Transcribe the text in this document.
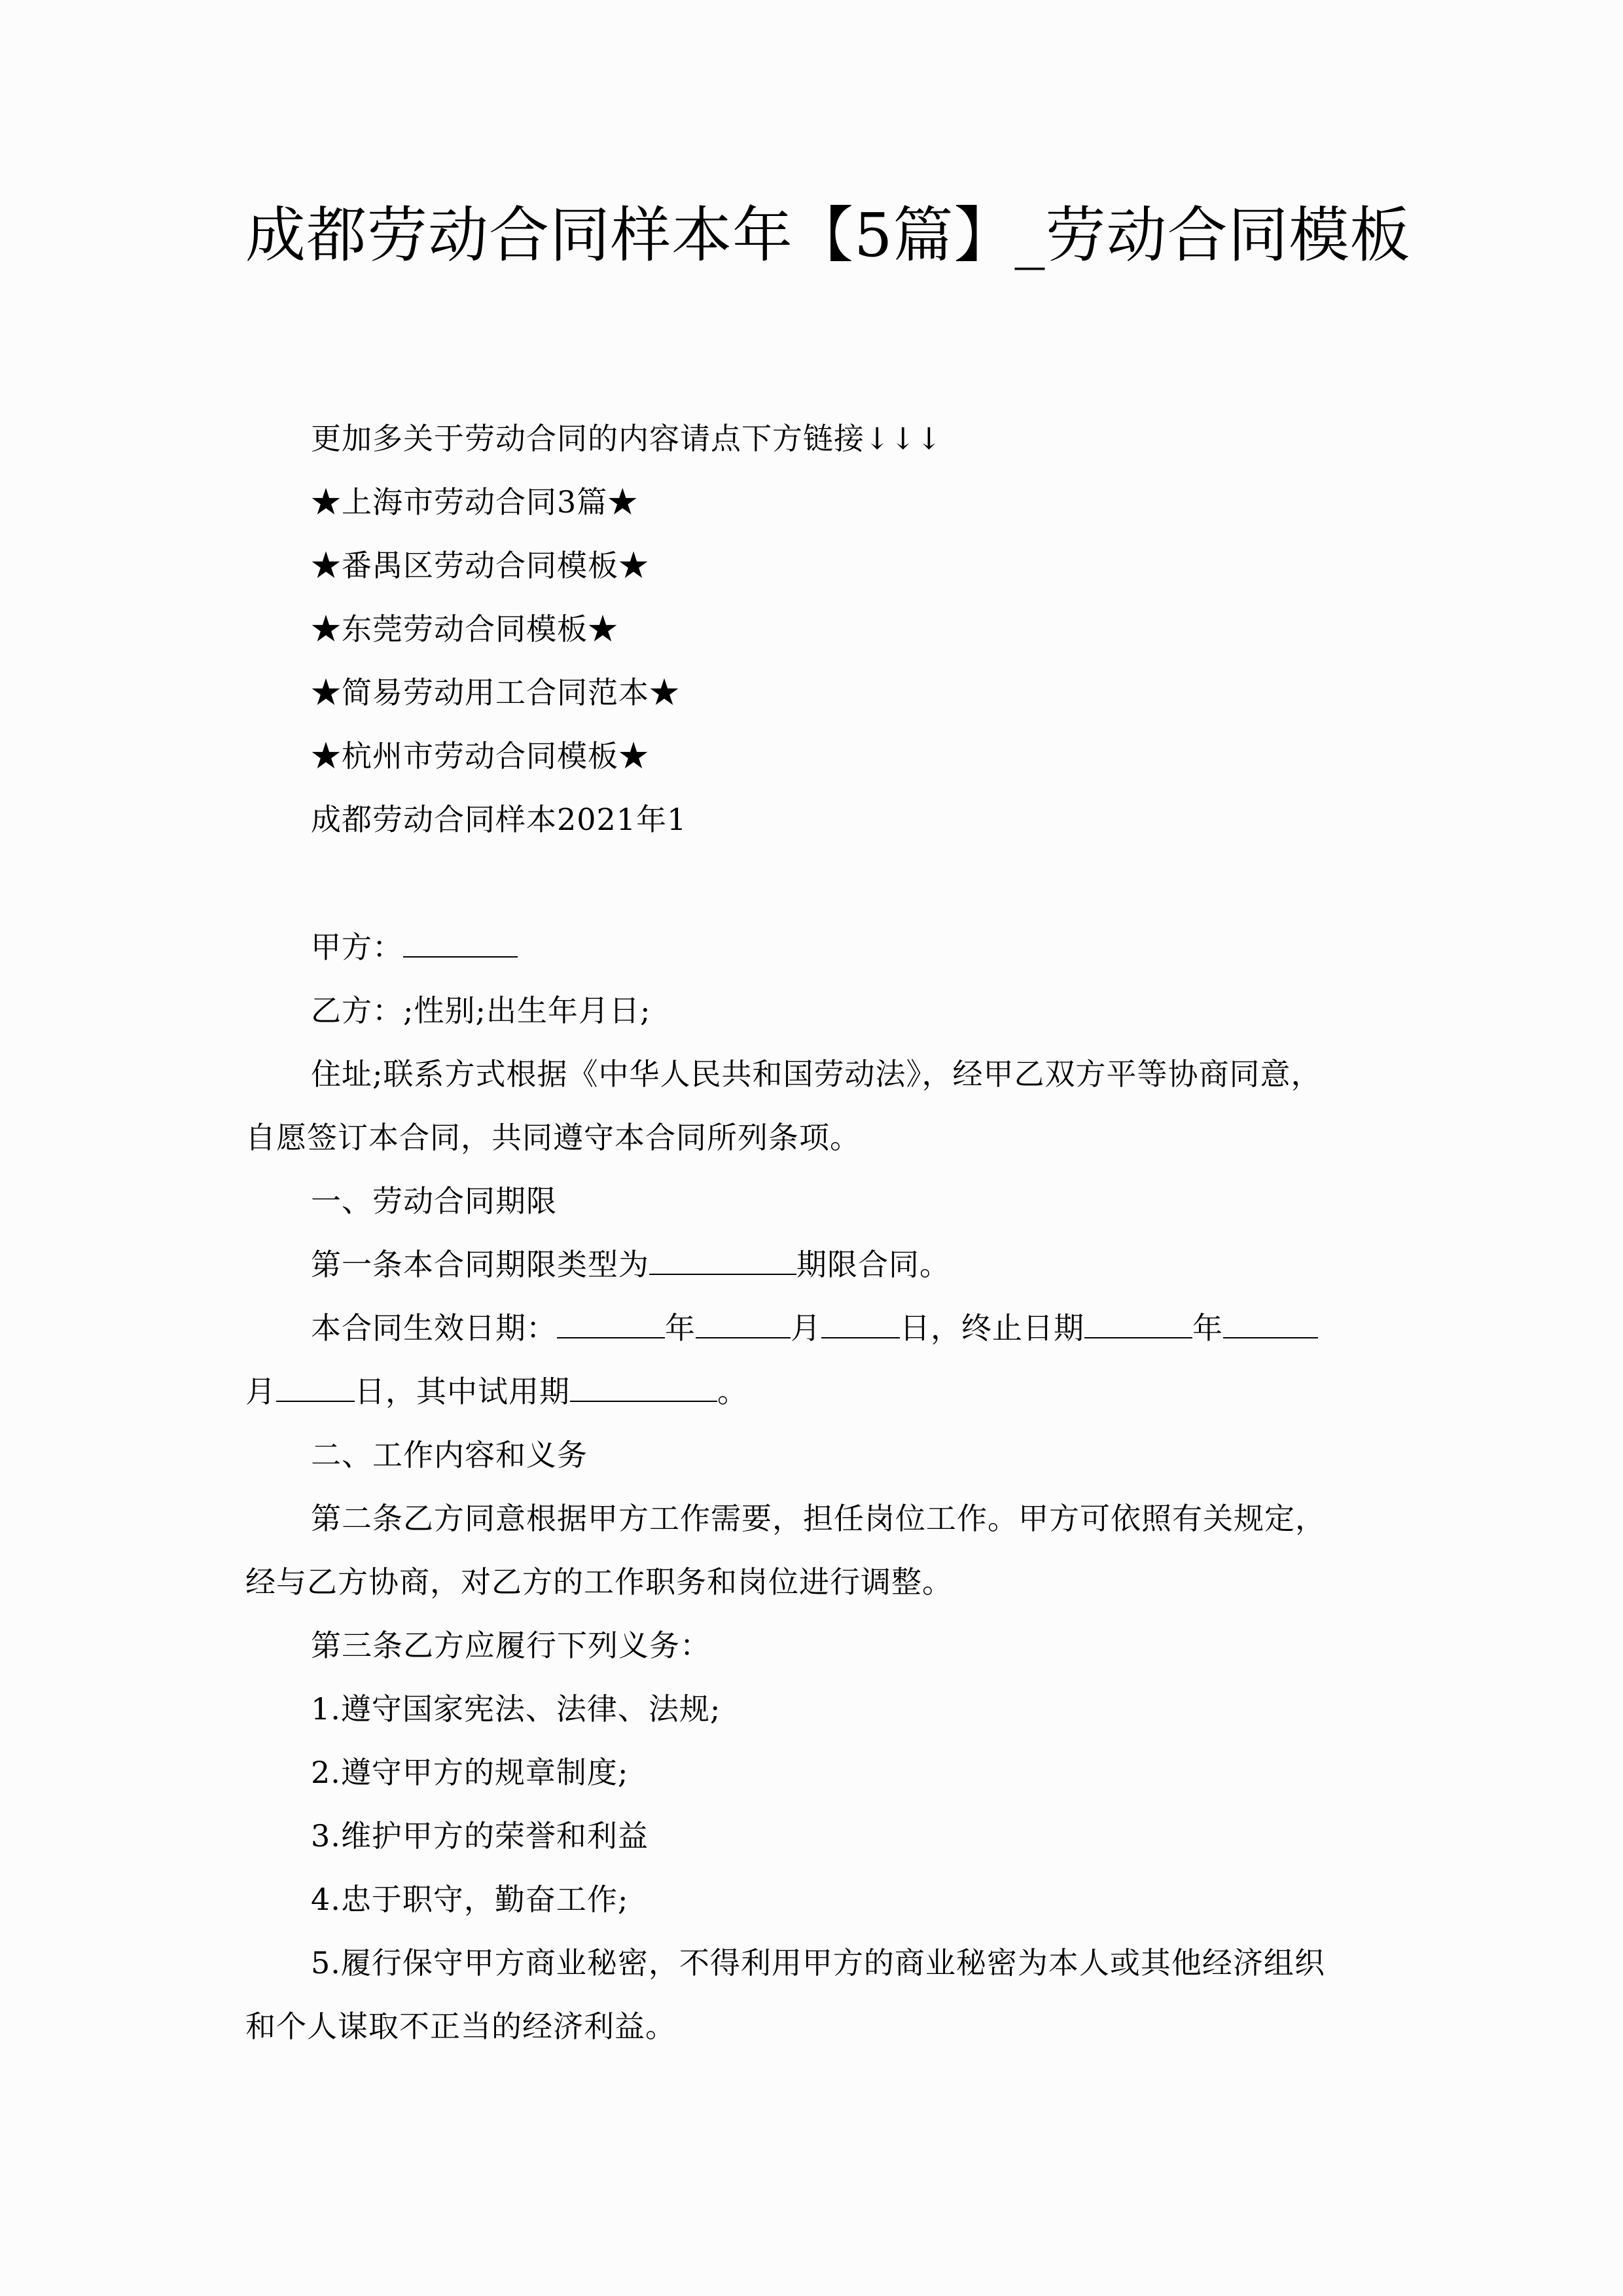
成都劳动合同样本年【5篇】_劳动合同模板
更加多关于劳动合同的内容请点下方链接↓↓↓
★上海市劳动合同3篇★
★番禺区劳动合同模板★
★东莞劳动合同模板★
★简易劳动用工合同范本★
★杭州市劳动合同模板★
成都劳动合同样本2021年1
甲方：
乙方：;性别;出生年月日;
住址;联系方式根据《中华人民共和国劳动法》，经甲乙双方平等协商同意，
自愿签订本合同，共同遵守本合同所列条项。
一、劳动合同期限
第一条本合同期限类型为	期限合同。
本合同生效日期：	年	月	日，终止日期	年
月	日，其中试用期	。
二、工作内容和义务
第二条乙方同意根据甲方工作需要，担任岗位工作。甲方可依照有关规定，
经与乙方协商，对乙方的工作职务和岗位进行调整。
第三条乙方应履行下列义务：
1.遵守国家宪法、法律、法规;
2.遵守甲方的规章制度;
3.维护甲方的荣誉和利益
4.忠于职守，勤奋工作;
5.履行保守甲方商业秘密，不得利用甲方的商业秘密为本人或其他经济组织
和个人谋取不正当的经济利益。
